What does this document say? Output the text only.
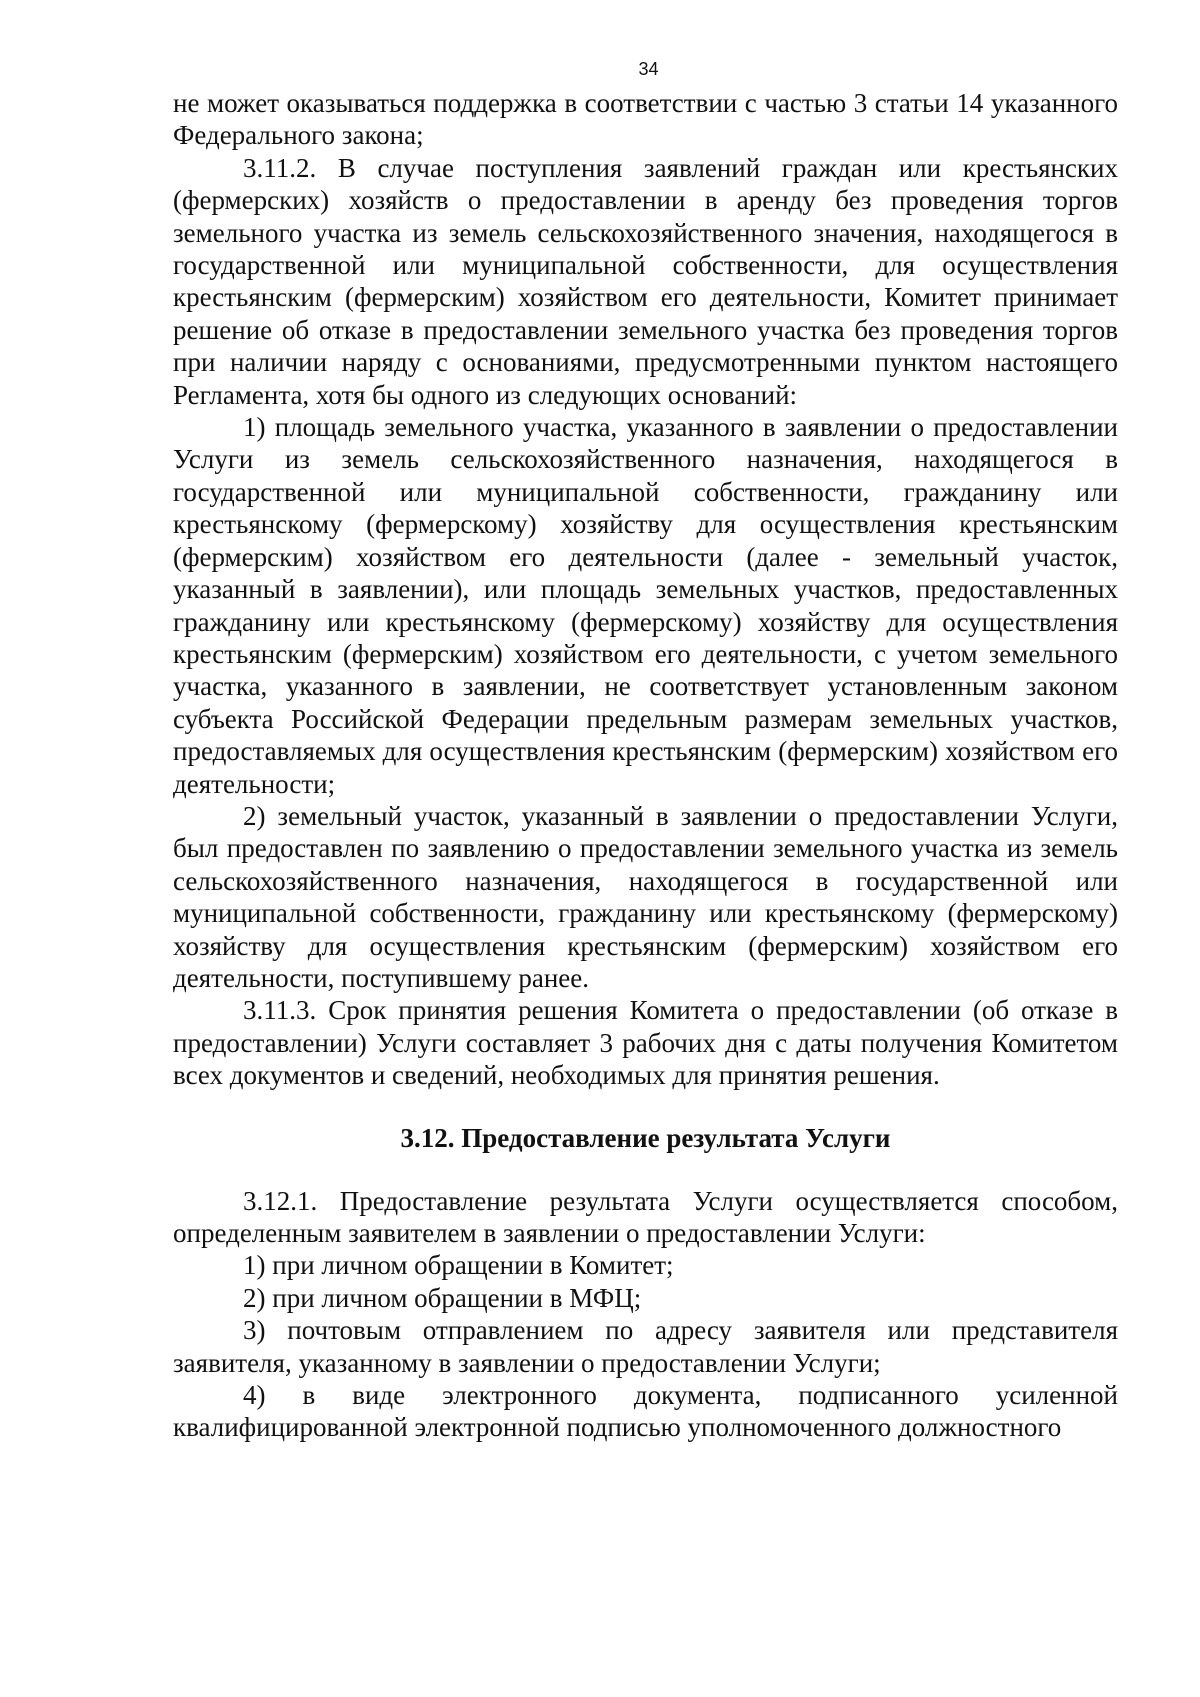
34

не может оказываться поддержка в соответствии с частью 3 статьи 14 указанного Федерального закона;

3.11.2. В случае поступления заявлений граждан или крестьянских (фермерских) хозяйств о предоставлении в аренду без проведения торгов земельного участка из земель сельскохозяйственного значения, находящегося в государственной или муниципальной собственности, для осуществления крестьянским (фермерским) хозяйством его деятельности, Комитет принимает решение об отказе в предоставлении земельного участка без проведения торгов при наличии наряду с основаниями, предусмотренными пунктом настоящего Регламента, хотя бы одного из следующих оснований:

1) площадь земельного участка, указанного в заявлении о предоставлении Услуги из земель сельскохозяйственного назначения, находящегося в государственной или муниципальной собственности, гражданину или крестьянскому (фермерскому) хозяйству для осуществления крестьянским (фермерским) хозяйством его деятельности (далее - земельный участок, указанный в заявлении), или площадь земельных участков, предоставленных гражданину или крестьянскому (фермерскому) хозяйству для осуществления крестьянским (фермерским) хозяйством его деятельности, с учетом земельного участка, указанного в заявлении, не соответствует установленным законом субъекта Российской Федерации предельным размерам земельных участков, предоставляемых для осуществления крестьянским (фермерским) хозяйством его деятельности;

2) земельный участок, указанный в заявлении о предоставлении Услуги, был предоставлен по заявлению о предоставлении земельного участка из земель сельскохозяйственного назначения, находящегося в государственной или муниципальной собственности, гражданину или крестьянскому (фермерскому) хозяйству для осуществления крестьянским (фермерским) хозяйством его деятельности, поступившему ранее.

3.11.3. Срок принятия решения Комитета о предоставлении (об отказе в предоставлении) Услуги составляет 3 рабочих дня с даты получения Комитетом всех документов и сведений, необходимых для принятия решения.

3.12. Предоставление результата Услуги

3.12.1. Предоставление результата Услуги осуществляется способом, определенным заявителем в заявлении о предоставлении Услуги:

1) при личном обращении в Комитет;

2) при личном обращении в МФЦ;

3) почтовым отправлением по адресу заявителя или представителя заявителя, указанному в заявлении о предоставлении Услуги;

4) в виде электронного документа, подписанного усиленной квалифицированной электронной подписью уполномоченного должностного
